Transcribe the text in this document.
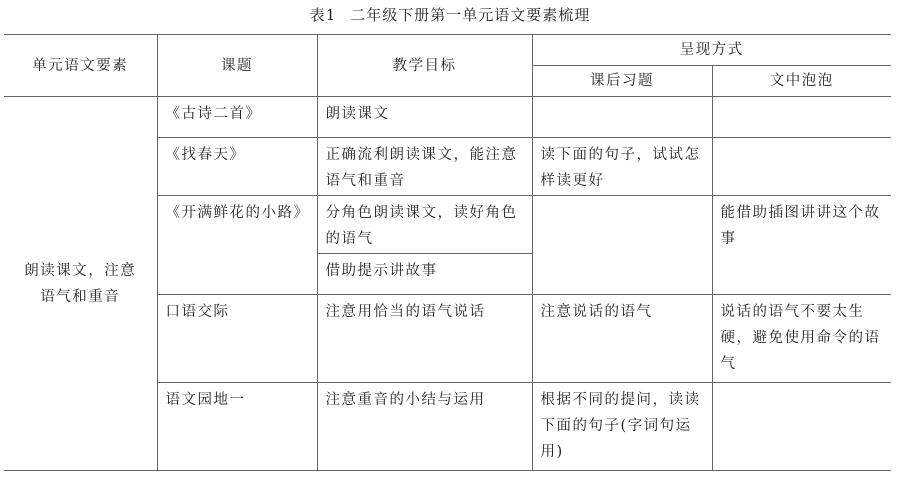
表1 二年级下册第一单元语文要素梳理
单元语文要素	课题	教学目标	呈现方式	
			课后习题	文中泡泡
朗读课文，注意语气和重音	《古诗二首》	朗读课文		
	《找春天》	正确流利朗读课文，能注意语气和重音	读下面的句子，试试怎样读更好	
	《开满鲜花的小路》	分角色朗读课文，读好角色的语气		能借助插图讲讲这个故事
		借助提示讲故事		
	口语交际	注意用恰当的语气说话	注意说话的语气	说话的语气不要太生硬，避免使用命令的语气
	语文园地一	注意重音的小结与运用	根据不同的提问，读读下面的句子(字词句运用)	
